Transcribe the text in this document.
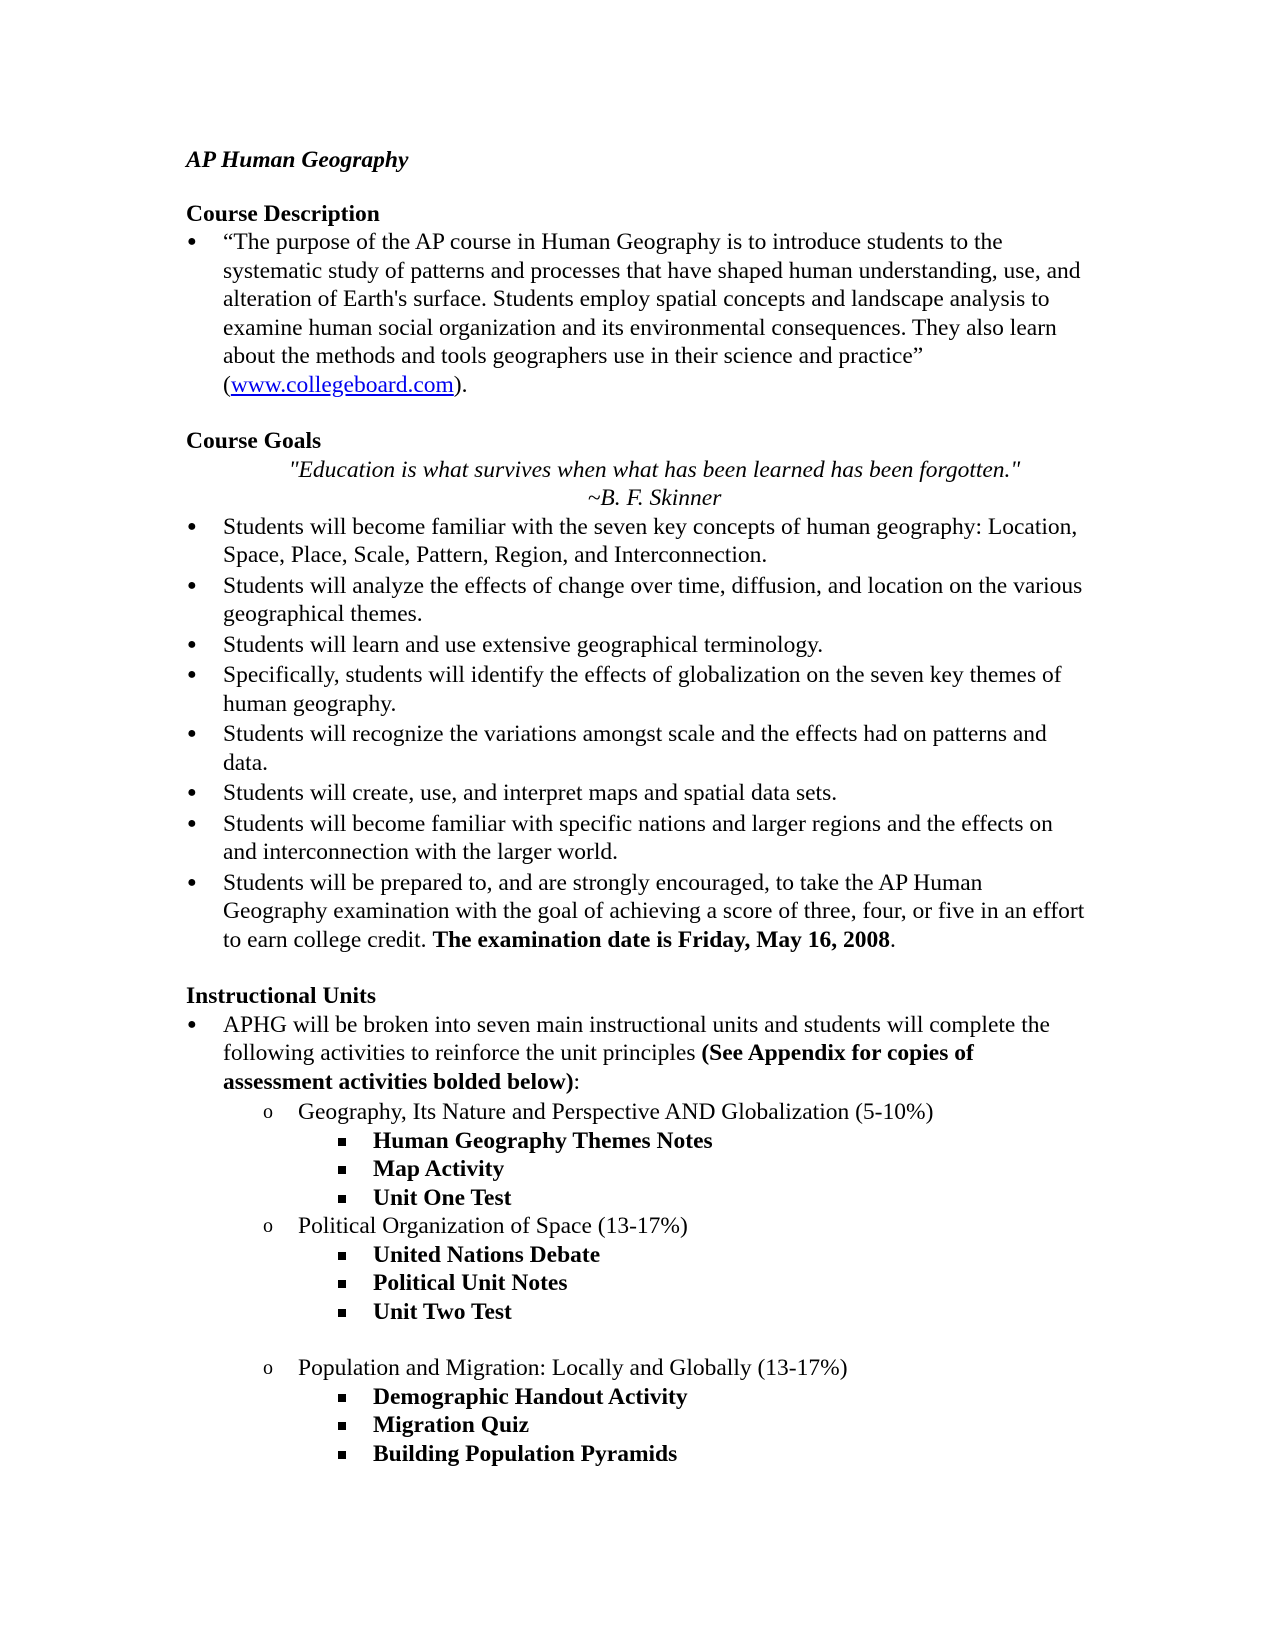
AP Human Geography

Course Description

● “The purpose of the AP course in Human Geography is to introduce students to the systematic study of patterns and processes that have shaped human understanding, use, and alteration of Earth's surface. Students employ spatial concepts and landscape analysis to examine human social organization and its environmental consequences. They also learn about the methods and tools geographers use in their science and practice” (www.collegeboard.com).

Course Goals

"Education is what survives when what has been learned has been forgotten."

~B. F. Skinner

● Students will become familiar with the seven key concepts of human geography: Location, Space, Place, Scale, Pattern, Region, and Interconnection.

● Students will analyze the effects of change over time, diffusion, and location on the various geographical themes.

● Students will learn and use extensive geographical terminology.

● Specifically, students will identify the effects of globalization on the seven key themes of human geography.

● Students will recognize the variations amongst scale and the effects had on patterns and data.

● Students will create, use, and interpret maps and spatial data sets.

● Students will become familiar with specific nations and larger regions and the effects on and interconnection with the larger world.

● Students will be prepared to, and are strongly encouraged, to take the AP Human Geography examination with the goal of achieving a score of three, four, or five in an effort to earn college credit. The examination date is Friday, May 16, 2008.

Instructional Units

● APHG will be broken into seven main instructional units and students will complete the following activities to reinforce the unit principles (See Appendix for copies of assessment activities bolded below):

o Geography, Its Nature and Perspective AND Globalization (5-10%)

Human Geography Themes Notes

Map Activity

Unit One Test

o Political Organization of Space (13-17%)

United Nations Debate

Political Unit Notes

Unit Two Test

o Population and Migration: Locally and Globally (13-17%)

Demographic Handout Activity

Migration Quiz

Building Population Pyramids
